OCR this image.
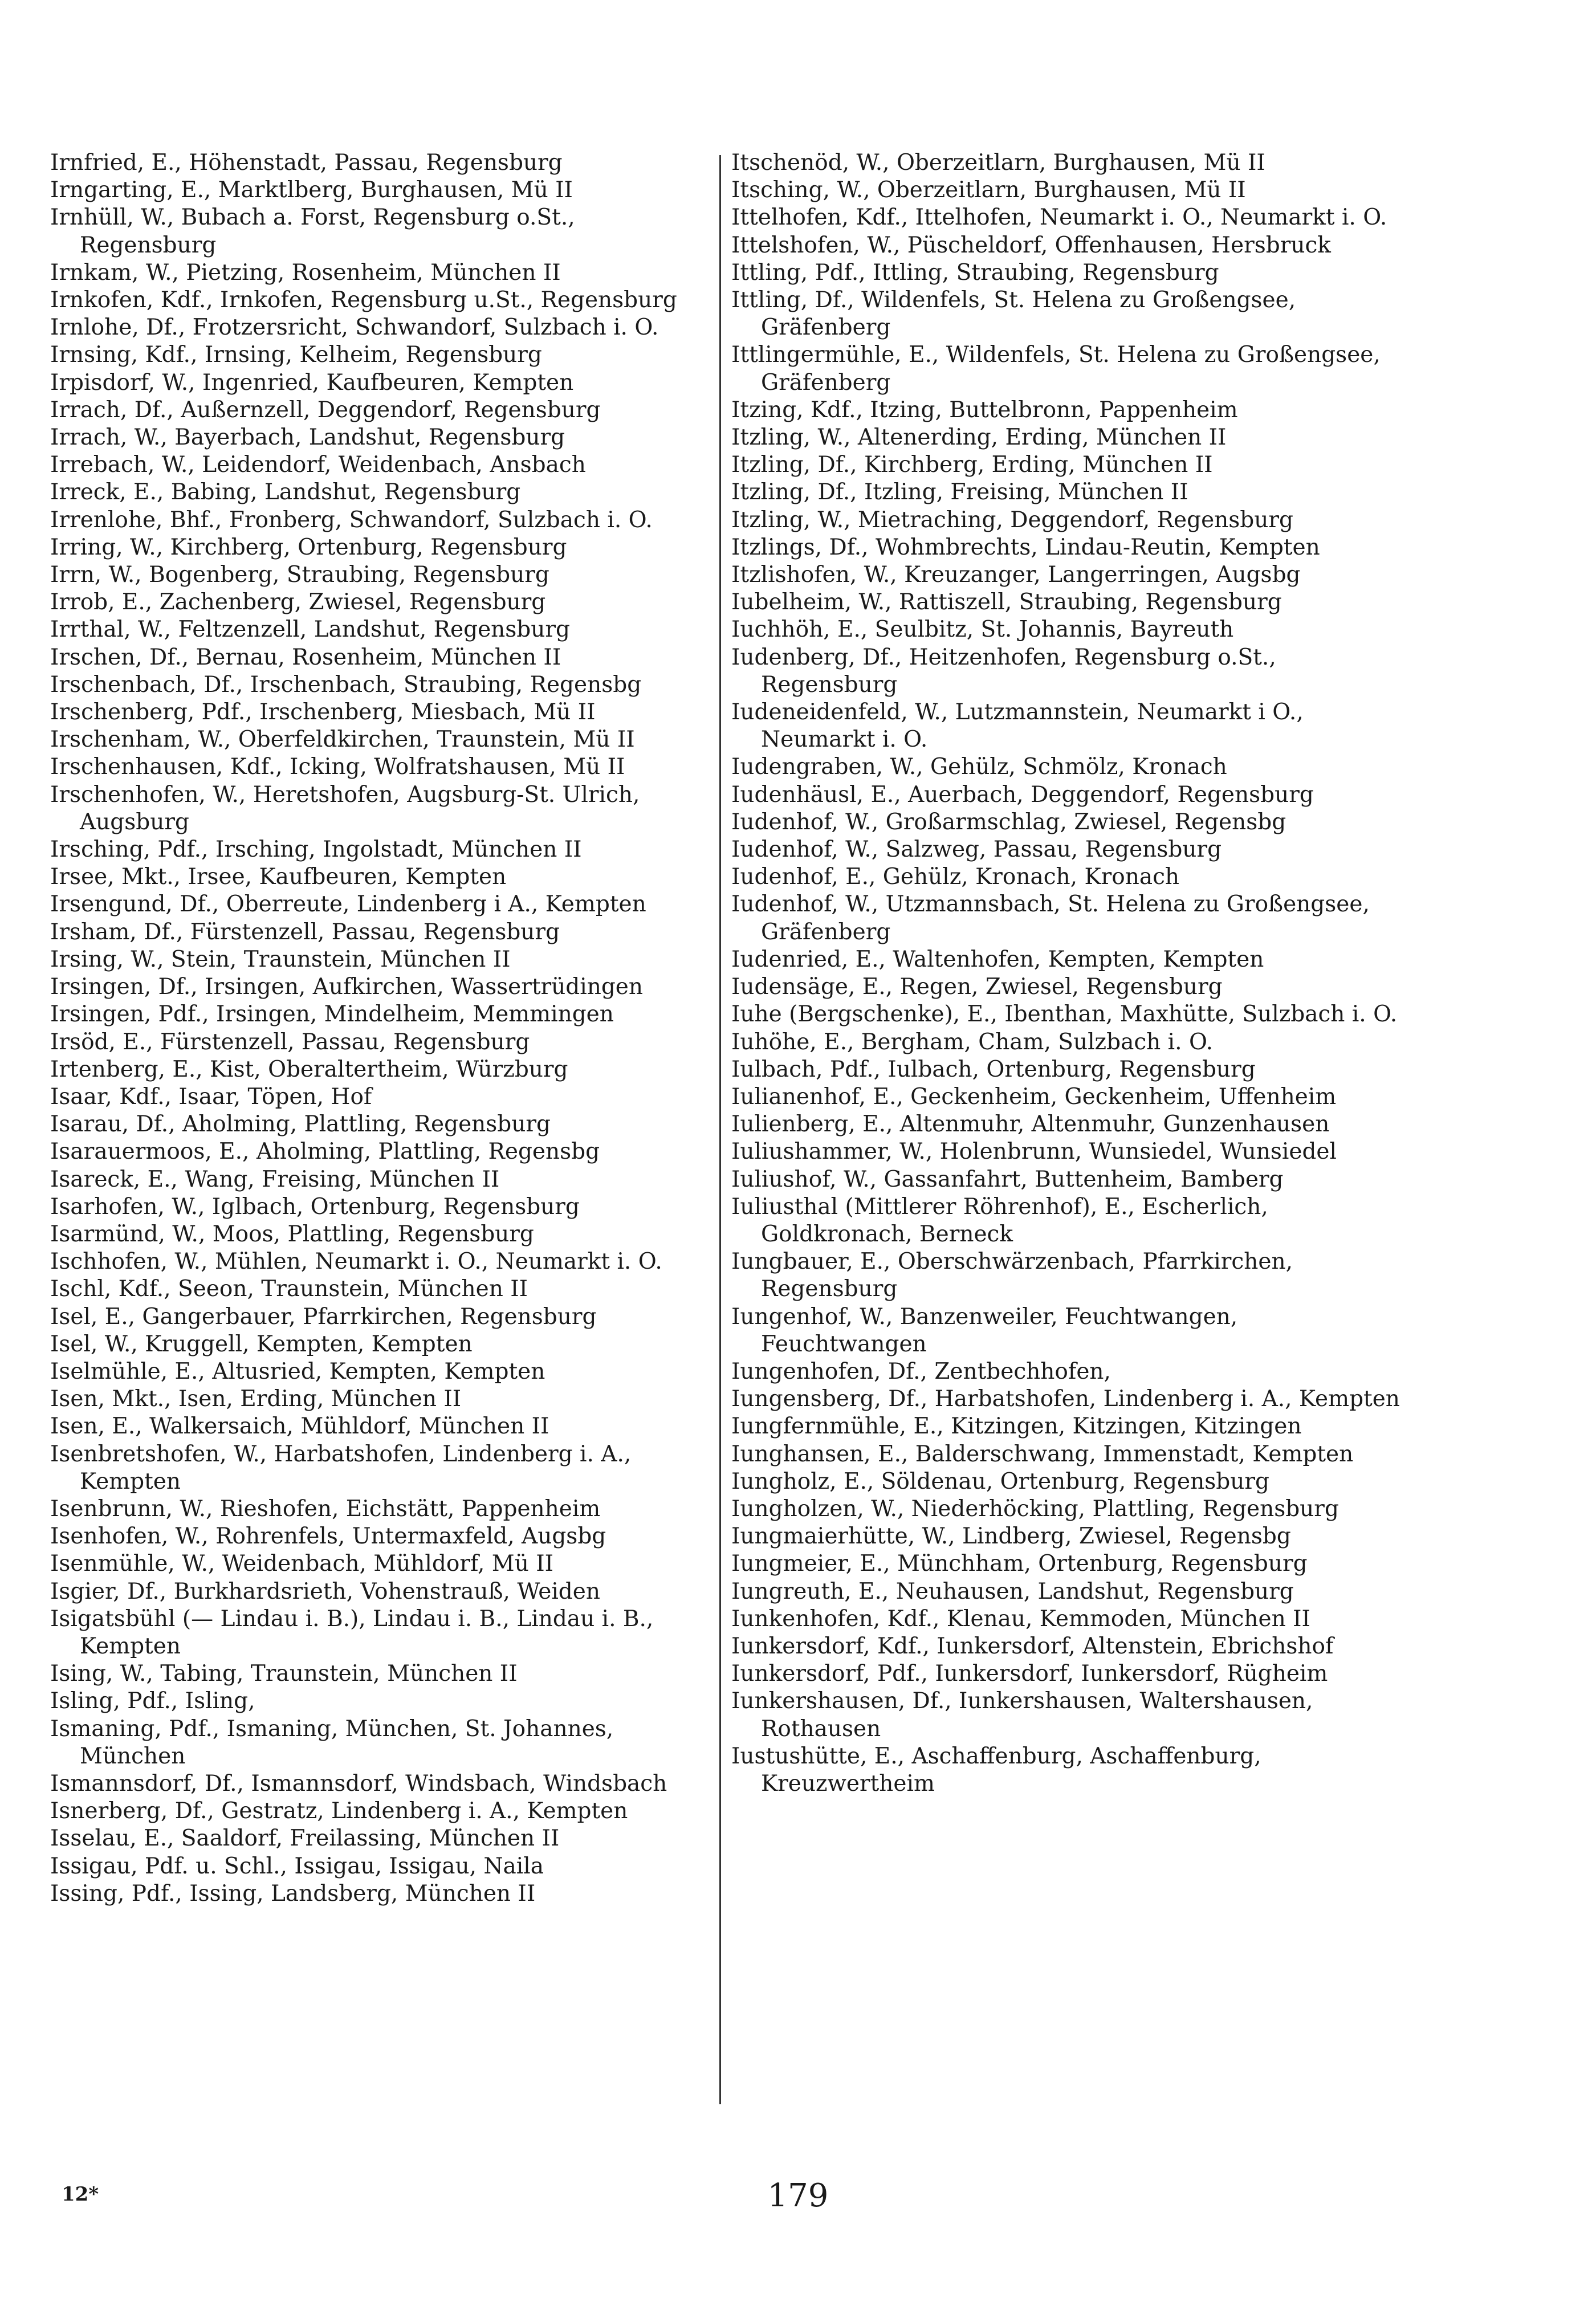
Irnfried, E., Höhenstadt, Passau, Regensburg

Irngarting, E., Marktlberg, Burghausen, Mü II

Irnhüll, W., Bubach a. Forst, Regensburg o.St., Regensburg

Irnkam, W., Pietzing, Rosenheim, München II

Irnkofen, Kdf., Irnkofen, Regensburg u.St., Regensburg

Irnlohe, Df., Frotzersricht, Schwandorf, Sulzbach i. O.

Irnsing, Kdf., Irnsing, Kelheim, Regensburg

Irpisdorf, W., Ingenried, Kaufbeuren, Kempten

Irrach, Df., Außernzell, Deggendorf, Regensburg

Irrach, W., Bayerbach, Landshut, Regensburg

Irrebach, W., Leidendorf, Weidenbach, Ansbach

Irreck, E., Babing, Landshut, Regensburg

Irrenlohe, Bhf., Fronberg, Schwandorf, Sulzbach i. O.

Irring, W., Kirchberg, Ortenburg, Regensburg

Irrn, W., Bogenberg, Straubing, Regensburg

Irrob, E., Zachenberg, Zwiesel, Regensburg

Irrthal, W., Feltzenzell, Landshut, Regensburg

Irschen, Df., Bernau, Rosenheim, München II

Irschenbach, Df., Irschenbach, Straubing, Regensbg

Irschenberg, Pdf., Irschenberg, Miesbach, Mü II

Irschenham, W., Oberfeldkirchen, Traunstein, Mü II

Irschenhausen, Kdf., Icking, Wolfratshausen, Mü II

Irschenhofen, W., Heretshofen, Augsburg-St. Ulrich, Augsburg

Irsching, Pdf., Irsching, Ingolstadt, München II

Irsee, Mkt., Irsee, Kaufbeuren, Kempten

Irsengund, Df., Oberreute, Lindenberg i A., Kempten

Irsham, Df., Fürstenzell, Passau, Regensburg

Irsing, W., Stein, Traunstein, München II

Irsingen, Df., Irsingen, Aufkirchen, Wassertrüdingen

Irsingen, Pdf., Irsingen, Mindelheim, Memmingen

Irsöd, E., Fürstenzell, Passau, Regensburg

Irtenberg, E., Kist, Oberaltertheim, Würzburg

Isaar, Kdf., Isaar, Töpen, Hof

Isarau, Df., Aholming, Plattling, Regensburg

Isarauermoos, E., Aholming, Plattling, Regensbg

Isareck, E., Wang, Freising, München II

Isarhofen, W., Iglbach, Ortenburg, Regensburg

Isarmünd, W., Moos, Plattling, Regensburg

Ischhofen, W., Mühlen, Neumarkt i. O., Neumarkt i. O.

Ischl, Kdf., Seeon, Traunstein, München II

Isel, E., Gangerbauer, Pfarrkirchen, Regensburg

Isel, W., Kruggell, Kempten, Kempten

Iselmühle, E., Altusried, Kempten, Kempten

Isen, Mkt., Isen, Erding, München II

Isen, E., Walkersaich, Mühldorf, München II

Isenbretshofen, W., Harbatshofen, Lindenberg i. A., Kempten

Isenbrunn, W., Rieshofen, Eichstätt, Pappenheim

Isenhofen, W., Rohrenfels, Untermaxfeld, Augsbg

Isenmühle, W., Weidenbach, Mühldorf, Mü II

Isgier, Df., Burkhardsrieth, Vohenstrauß, Weiden

Isigatsbühl (— Lindau i. B.), Lindau i. B., Lindau i. B., Kempten

Ising, W., Tabing, Traunstein, München II

Isling, Pdf., Isling,

Ismaning, Pdf., Ismaning, München, St. Johannes, München

Ismannsdorf, Df., Ismannsdorf, Windsbach, Windsbach

Isnerberg, Df., Gestratz, Lindenberg i. A., Kempten

Isselau, E., Saaldorf, Freilassing, München II

Issigau, Pdf. u. Schl., Issigau, Issigau, Naila

Issing, Pdf., Issing, Landsberg, München II

Itschenöd, W., Oberzeitlarn, Burghausen, Mü II

Itsching, W., Oberzeitlarn, Burghausen, Mü II

Ittelhofen, Kdf., Ittelhofen, Neumarkt i. O., Neumarkt i. O.

Ittelshofen, W., Püscheldorf, Offenhausen, Hersbruck

Ittling, Pdf., Ittling, Straubing, Regensburg

Ittling, Df., Wildenfels, St. Helena zu Großengsee, Gräfenberg

Ittlingermühle, E., Wildenfels, St. Helena zu Großengsee, Gräfenberg

Itzing, Kdf., Itzing, Buttelbronn, Pappenheim

Itzling, W., Altenerding, Erding, München II

Itzling, Df., Kirchberg, Erding, München II

Itzling, Df., Itzling, Freising, München II

Itzling, W., Mietraching, Deggendorf, Regensburg

Itzlings, Df., Wohmbrechts, Lindau-Reutin, Kempten

Itzlishofen, W., Kreuzanger, Langerringen, Augsbg

Iubelheim, W., Rattiszell, Straubing, Regensburg

Iuchhöh, E., Seulbitz, St. Johannis, Bayreuth

Iudenberg, Df., Heitzenhofen, Regensburg o.St., Regensburg

Iudeneidenfeld, W., Lutzmannstein, Neumarkt i O., Neumarkt i. O.

Iudengraben, W., Gehülz, Schmölz, Kronach

Iudenhäusl, E., Auerbach, Deggendorf, Regensburg

Iudenhof, W., Großarmschlag, Zwiesel, Regensbg

Iudenhof, W., Salzweg, Passau, Regensburg

Iudenhof, E., Gehülz, Kronach, Kronach

Iudenhof, W., Utzmannsbach, St. Helena zu Großengsee, Gräfenberg

Iudenried, E., Waltenhofen, Kempten, Kempten

Iudensäge, E., Regen, Zwiesel, Regensburg

Iuhe (Bergschenke), E., Ibenthan, Maxhütte, Sulzbach i. O.

Iuhöhe, E., Bergham, Cham, Sulzbach i. O.

Iulbach, Pdf., Iulbach, Ortenburg, Regensburg

Iulianenhof, E., Geckenheim, Geckenheim, Uffenheim

Iulienberg, E., Altenmuhr, Altenmuhr, Gunzenhausen

Iuliushammer, W., Holenbrunn, Wunsiedel, Wunsiedel

Iuliushof, W., Gassanfahrt, Buttenheim, Bamberg

Iuliusthal (Mittlerer Röhrenhof), E., Escherlich, Goldkronach, Berneck

Iungbauer, E., Oberschwärzenbach, Pfarrkirchen, Regensburg

Iungenhof, W., Banzenweiler, Feuchtwangen, Feuchtwangen

Iungenhofen, Df., Zentbechhofen,

Iungensberg, Df., Harbatshofen, Lindenberg i. A., Kempten

Iungfernmühle, E., Kitzingen, Kitzingen, Kitzingen

Iunghansen, E., Balderschwang, Immenstadt, Kempten

Iungholz, E., Söldenau, Ortenburg, Regensburg

Iungholzen, W., Niederhöcking, Plattling, Regensburg

Iungmaierhütte, W., Lindberg, Zwiesel, Regensbg

Iungmeier, E., Münchham, Ortenburg, Regensburg

Iungreuth, E., Neuhausen, Landshut, Regensburg

Iunkenhofen, Kdf., Klenau, Kemmoden, München II

Iunkersdorf, Kdf., Iunkersdorf, Altenstein, Ebrichshof

Iunkersdorf, Pdf., Iunkersdorf, Iunkersdorf, Rügheim

Iunkershausen, Df., Iunkershausen, Waltershausen, Rothausen

Iustushütte, E., Aschaffenburg, Aschaffenburg, Kreuzwertheim

12*	179
